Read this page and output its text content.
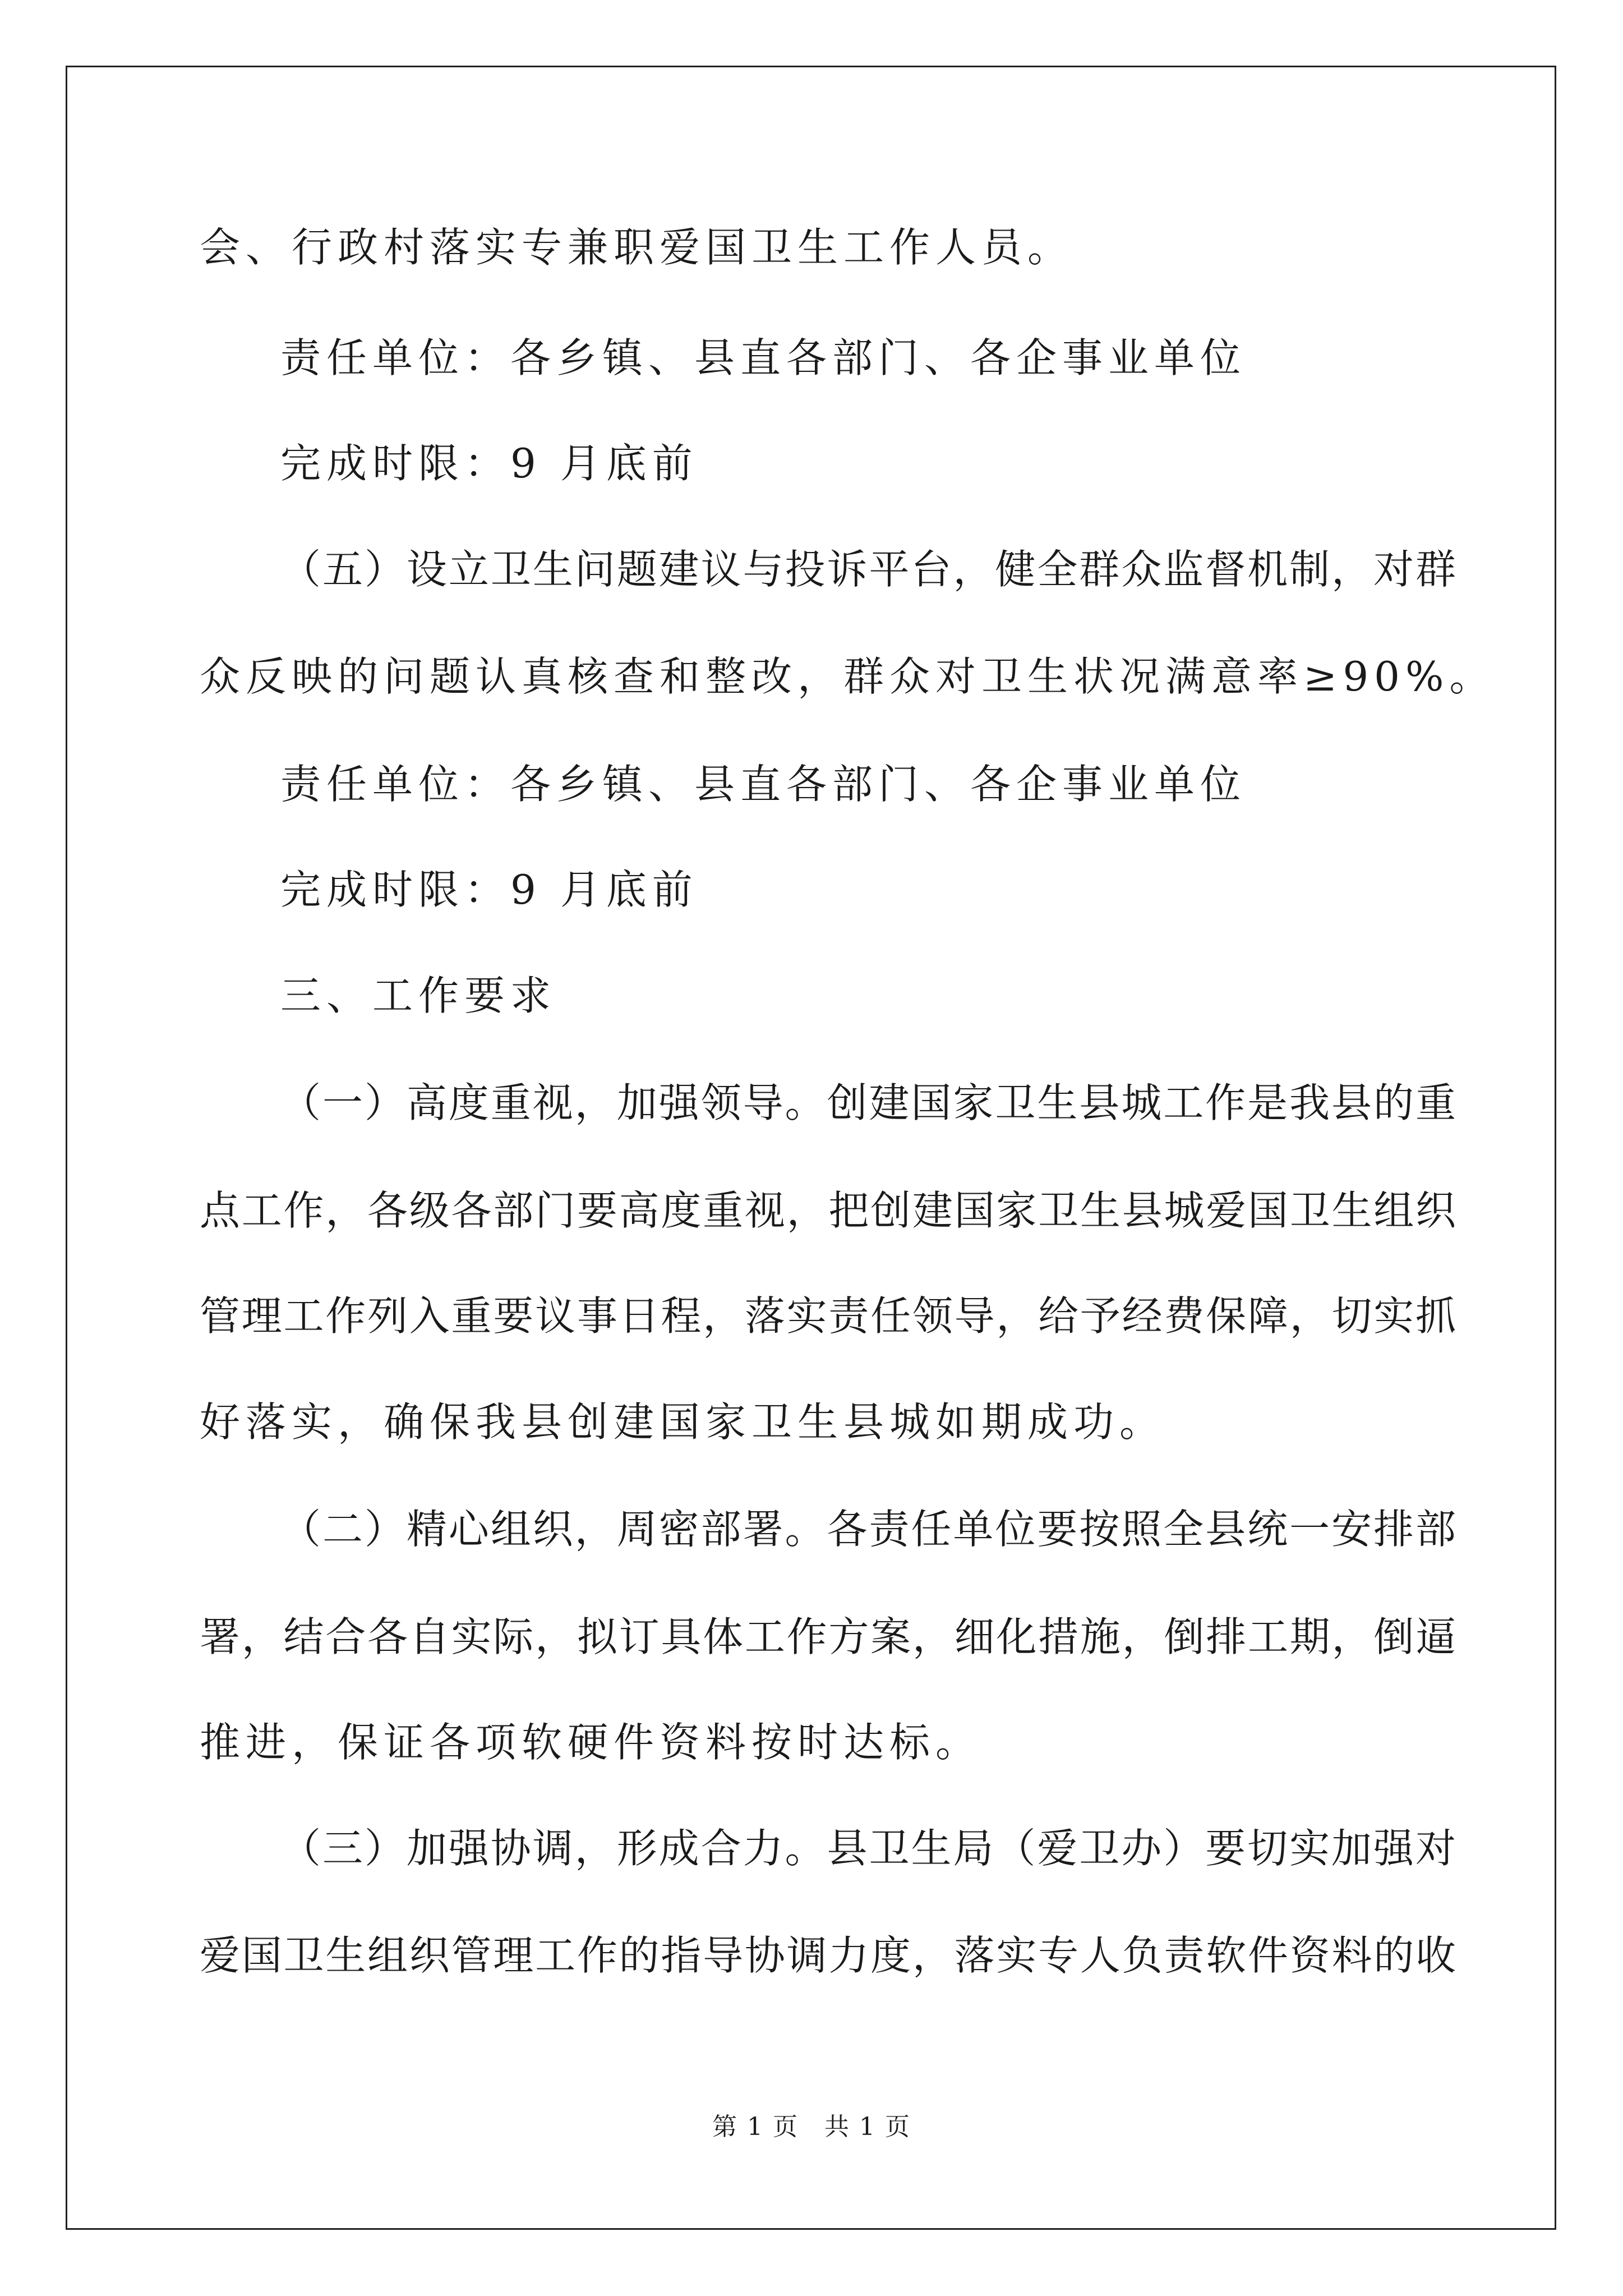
会、行政村落实专兼职爱国卫生工作人员。
责任单位：各乡镇、县直各部门、各企事业单位
完成时限：9 月底前
（五）设立卫生问题建议与投诉平台，健全群众监督机制，对群
众反映的问题认真核查和整改，群众对卫生状况满意率≥90%。
责任单位：各乡镇、县直各部门、各企事业单位
完成时限：9 月底前
三、工作要求
（一）高度重视，加强领导。创建国家卫生县城工作是我县的重
点工作，各级各部门要高度重视，把创建国家卫生县城爱国卫生组织
管理工作列入重要议事日程，落实责任领导，给予经费保障，切实抓
好落实，确保我县创建国家卫生县城如期成功。
（二）精心组织，周密部署。各责任单位要按照全县统一安排部
署，结合各自实际，拟订具体工作方案，细化措施，倒排工期，倒逼
推进，保证各项软硬件资料按时达标。
（三）加强协调，形成合力。县卫生局（爱卫办）要切实加强对
爱国卫生组织管理工作的指导协调力度，落实专人负责软件资料的收
第 1 页　共 1 页
